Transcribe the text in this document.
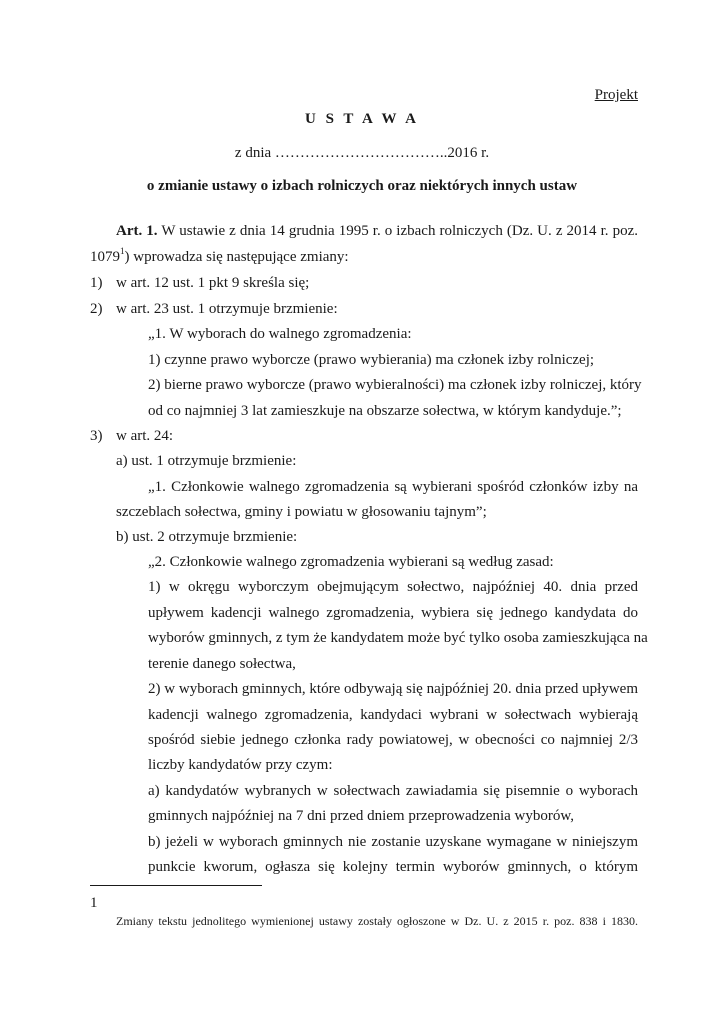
Projekt
U S T A W A
z dnia ……………………………..2016 r.
o zmianie ustawy o izbach rolniczych oraz niektórych innych ustaw
Art. 1. W ustawie z dnia 14 grudnia 1995 r. o izbach rolniczych (Dz. U. z 2014 r. poz.
1079$^1$) wprowadza się następujące zmiany:
1) w art. 12 ust. 1 pkt 9 skreśla się;
2) w art. 23 ust. 1 otrzymuje brzmienie:
„1. W wyborach do walnego zgromadzenia:
1) czynne prawo wyborcze (prawo wybierania) ma członek izby rolniczej;
2) bierne prawo wyborcze (prawo wybieralności) ma członek izby rolniczej, który
od co najmniej 3 lat zamieszkuje na obszarze sołectwa, w którym kandyduje.”;
3) w art. 24:
a) ust. 1 otrzymuje brzmienie:
„1. Członkowie walnego zgromadzenia są wybierani spośród członków izby na
szczeblach sołectwa, gminy i powiatu w głosowaniu tajnym”;
b) ust. 2 otrzymuje brzmienie:
„2. Członkowie walnego zgromadzenia wybierani są według zasad:
1) w okręgu wyborczym obejmującym sołectwo, najpóźniej 40. dnia przed
upływem kadencji walnego zgromadzenia, wybiera się jednego kandydata do
wyborów gminnych, z tym że kandydatem może być tylko osoba zamieszkująca na
terenie danego sołectwa,
2) w wyborach gminnych, które odbywają się najpóźniej 20. dnia przed upływem
kadencji walnego zgromadzenia, kandydaci wybrani w sołectwach wybierają
spośród siebie jednego członka rady powiatowej, w obecności co najmniej 2/3
liczby kandydatów przy czym:
a) kandydatów wybranych w sołectwach zawiadamia się pisemnie o wyborach
gminnych najpóźniej na 7 dni przed dniem przeprowadzenia wyborów,
b) jeżeli w wyborach gminnych nie zostanie uzyskane wymagane w niniejszym
punkcie kworum, ogłasza się kolejny termin wyborów gminnych, o którym
1
Zmiany tekstu jednolitego wymienionej ustawy zostały ogłoszone w Dz. U. z 2015 r. poz. 838 i 1830.
